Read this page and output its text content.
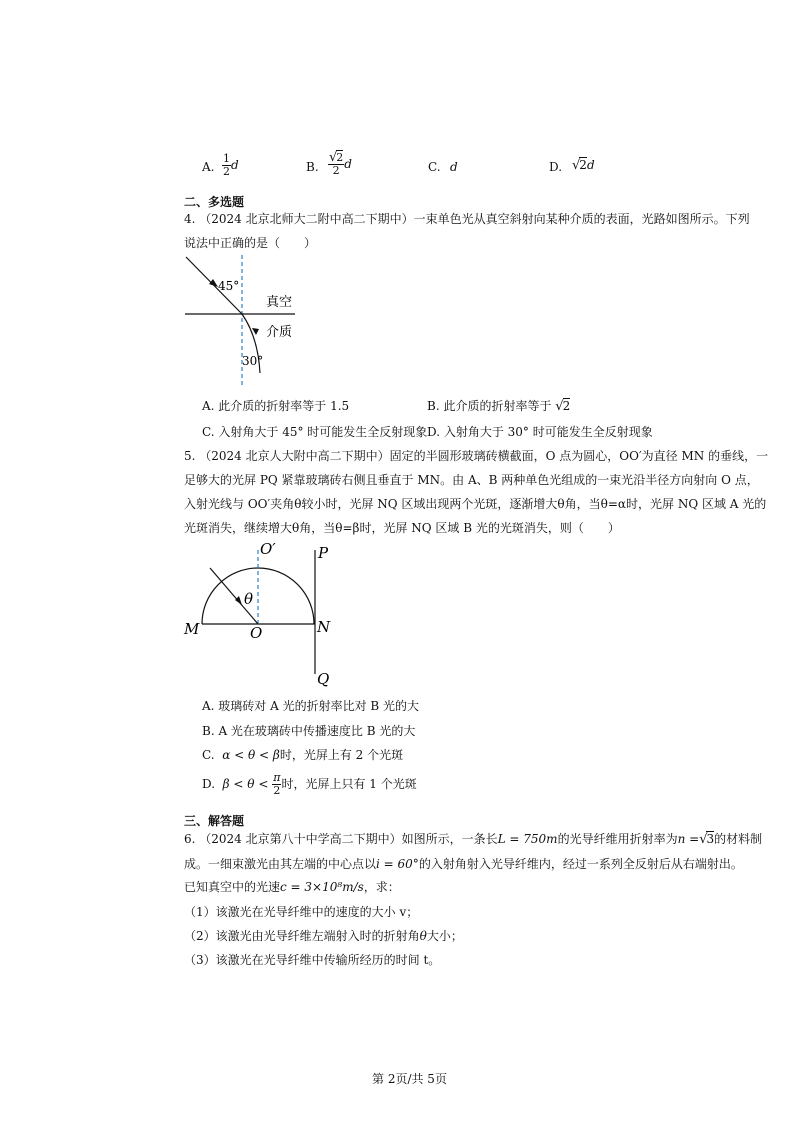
A. $\frac{1}{2}$ d	B. $\frac{√2}{2}$ d	C. d	D. √2d
二、多选题
4. （2024 北京北师大二附中高二下期中）一束单色光从真空斜射向某种介质的表面，光路如图所示。下列
说法中正确的是（　　）
45°
真空
介质
30°
A. 此介质的折射率等于 1.5	B. 此介质的折射率等于 √2
C. 入射角大于 45° 时可能发生全反射现象 D. 入射角大于 30° 时可能发生全反射现象
5. （2024 北京人大附中高二下期中）固定的半圆形玻璃砖横截面，O 点为圆心，OO′为直径 MN 的垂线，一
足够大的光屏 PQ 紧靠玻璃砖右侧且垂直于 MN。由 A、B 两种单色光组成的一束光沿半径方向射向 O 点，
入射光线与 OO′夹角θ较小时，光屏 NQ 区域出现两个光斑，逐渐增大θ角，当θ=α时，光屏 NQ 区域 A 光的
光斑消失，继续增大θ角，当θ=β时，光屏 NQ 区域 B 光的光斑消失，则（　　）
O′	P
θ
M	O	N
Q
A. 玻璃砖对 A 光的折射率比对 B 光的大
B. A 光在玻璃砖中传播速度比 B 光的大
C. α < θ < β时，光屏上有 2 个光斑
D. $\beta < \theta < \frac{\pi}{2}$ 时，光屏上只有 1 个光斑
三、解答题
6. （2024 北京第八十中学高二下期中）如图所示，一条长L = 750m的光导纤维用折射率为n =√3的材料制
成。一细束激光由其左端的中心点以i = 60°的入射角射入光导纤维内，经过一系列全反射后从右端射出。
已知真空中的光速c = 3×10⁸m/s，求：
（1）该激光在光导纤维中的速度的大小 v；
（2）该激光由光导纤维左端射入时的折射角θ大小；
（3）该激光在光导纤维中传输所经历的时间 t。
第 2页/共 5页
